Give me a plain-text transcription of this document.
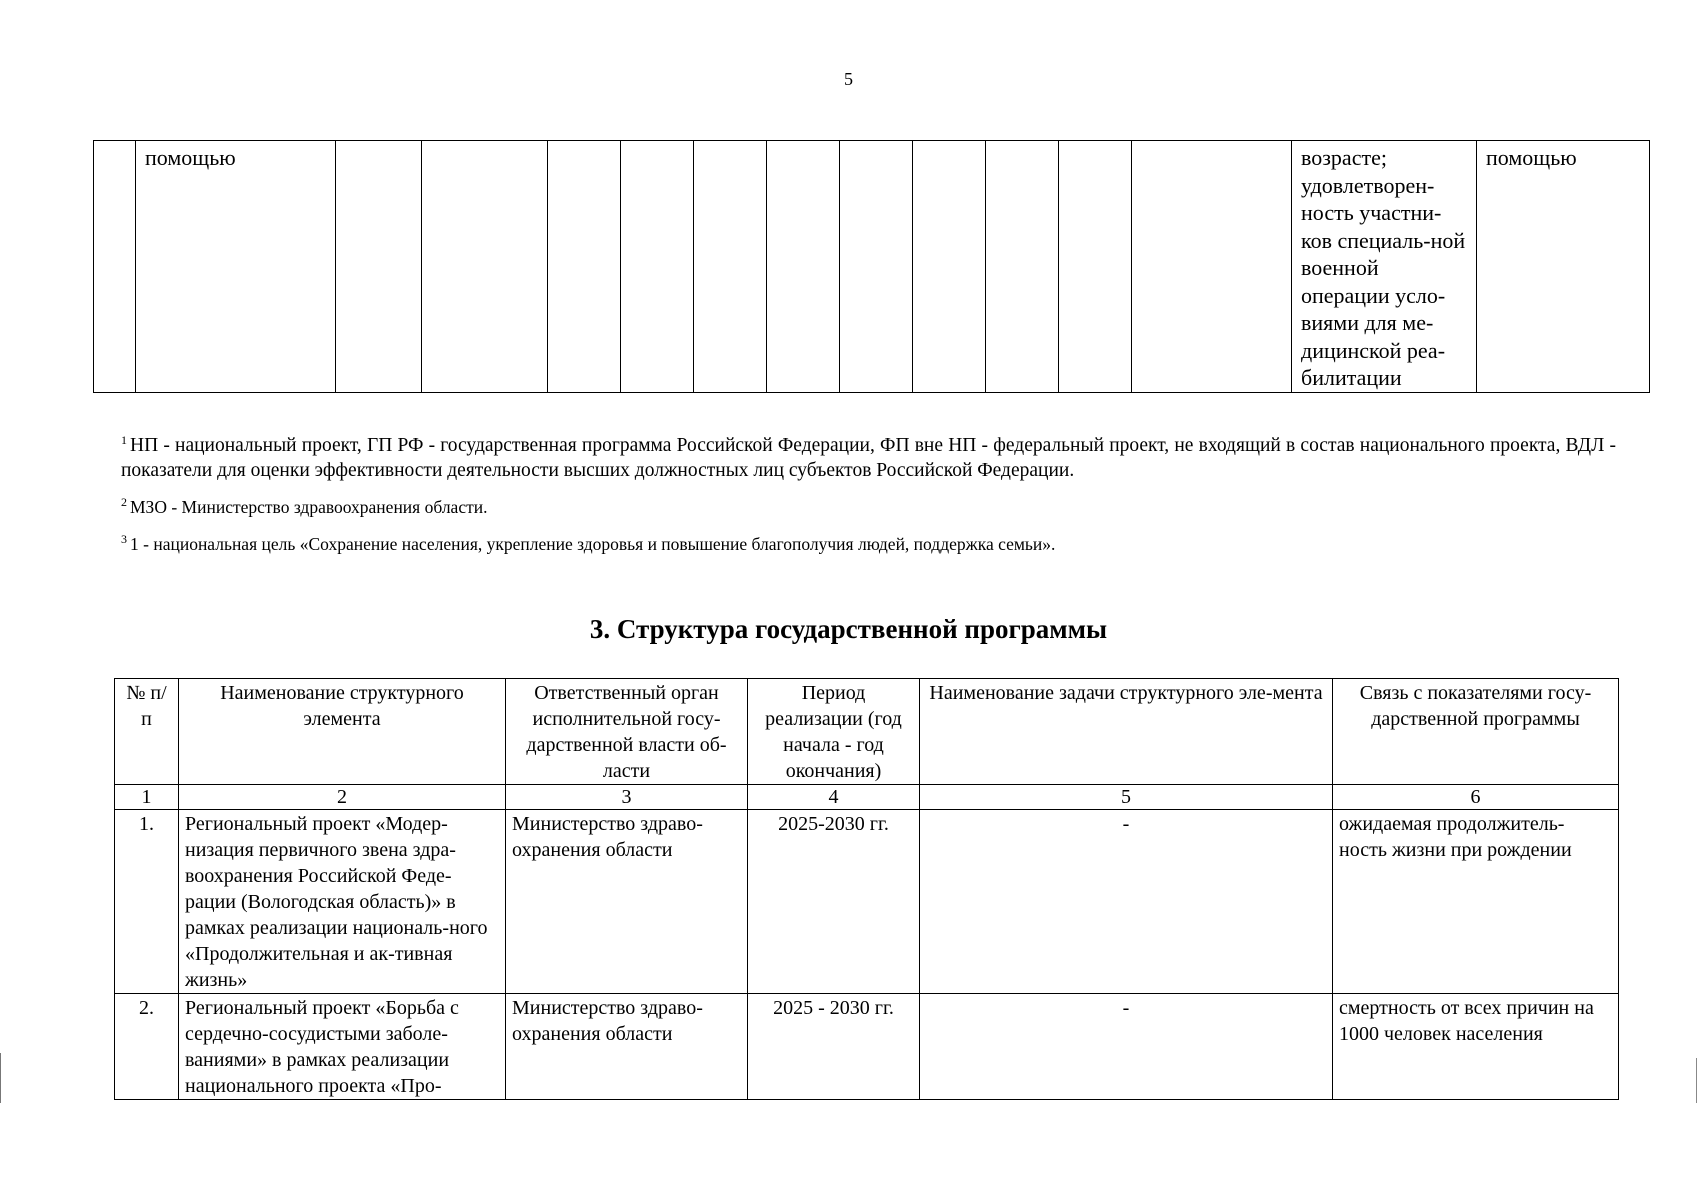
5
	помощью												возрасте; удовлетворен-ность участни-ков специаль-ной военной операции усло-виями для ме-дицинской реа-билитации	помощью

$^1$ НП - национальный проект, ГП РФ - государственная программа Российской Федерации, ФП вне НП - федеральный проект, не входящий в состав национального проекта, ВДЛ - показатели для оценки эффективности деятельности высших должностных лиц субъектов Российской Федерации.

$^2$ МЗО - Министерство здравоохранения области.

$^3$ 1 - национальная цель «Сохранение населения, укрепление здоровья и повышение благополучия людей, поддержка семьи».

3. Структура государственной программы
№ п/п	Наименование структурного элемента	Ответственный орган исполнительной госу-дарственной власти об-ласти	Период реализации (год начала - год окончания)	Наименование задачи структурного эле-мента	Связь с показателями госу-дарственной программы
1	2	3	4	5	6
1.	Региональный проект «Модер-низация первичного звена здра-воохранения Российской Феде-рации (Вологодская область)» в рамках реализации националь-ного «Продолжительная и ак-тивная жизнь»	Министерство здраво-охранения области	2025-2030 гг.	-	ожидаемая продолжитель-ность жизни при рождении
2.	Региональный проект «Борьба с сердечно-сосудистыми заболе-ваниями» в рамках реализации национального проекта «Про-	Министерство здраво-охранения области	2025 - 2030 гг.	-	смертность от всех причин на 1000 человек населения
